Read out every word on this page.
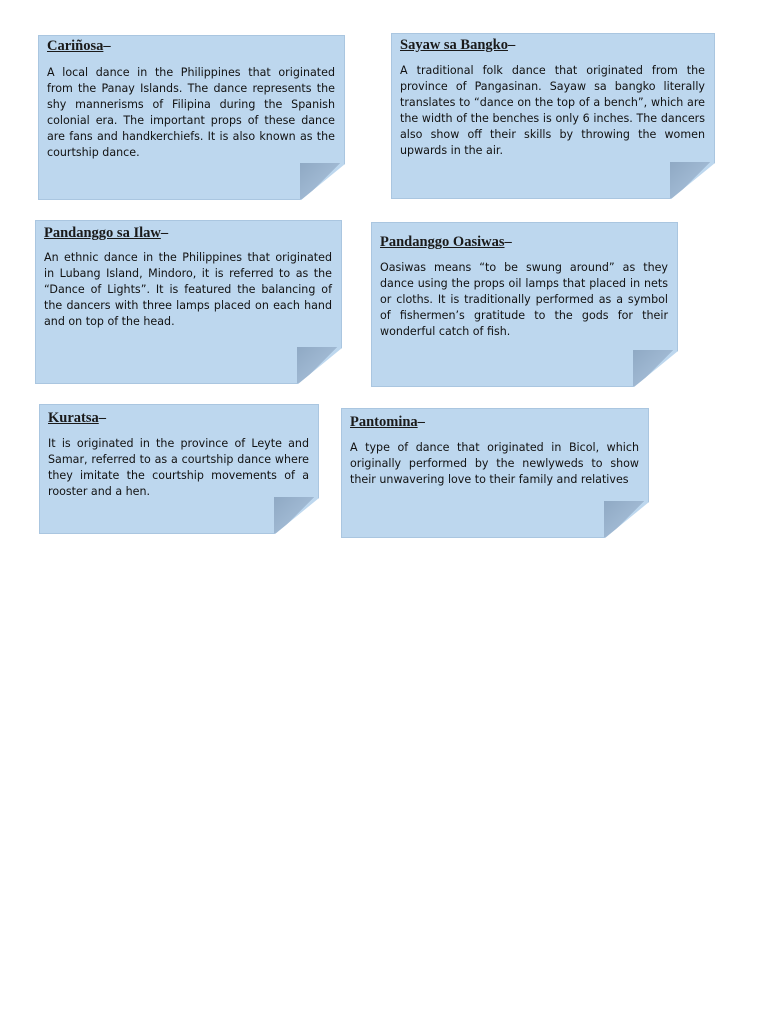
Cariñosa–

A local dance in the Philippines that originated from the Panay Islands. The dance represents the shy mannerisms of Filipina during the Spanish colonial era. The important props of these dance are fans and handkerchiefs. It is also known as the courtship dance.

Sayaw sa Bangko–

A traditional folk dance that originated from the province of Pangasinan. Sayaw sa bangko literally translates to “dance on the top of a bench”, which are the width of the benches is only 6 inches. The dancers also show off their skills by throwing the women upwards in the air.

Pandanggo sa Ilaw–

An ethnic dance in the Philippines that originated in Lubang Island, Mindoro, it is referred to as the “Dance of Lights”. It is featured the balancing of the dancers with three lamps placed on each hand and on top of the head.

Pandanggo Oasiwas–

Oasiwas means “to be swung around” as they dance using the props oil lamps that placed in nets or cloths. It is traditionally performed as a symbol of fishermen’s gratitude to the gods for their wonderful catch of fish.

Kuratsa–

It is originated in the province of Leyte and Samar, referred to as a courtship dance where they imitate the courtship movements of a rooster and a hen.

Pantomina–

A type of dance that originated in Bicol, which originally performed by the newlyweds to show their unwavering love to their family and relatives
